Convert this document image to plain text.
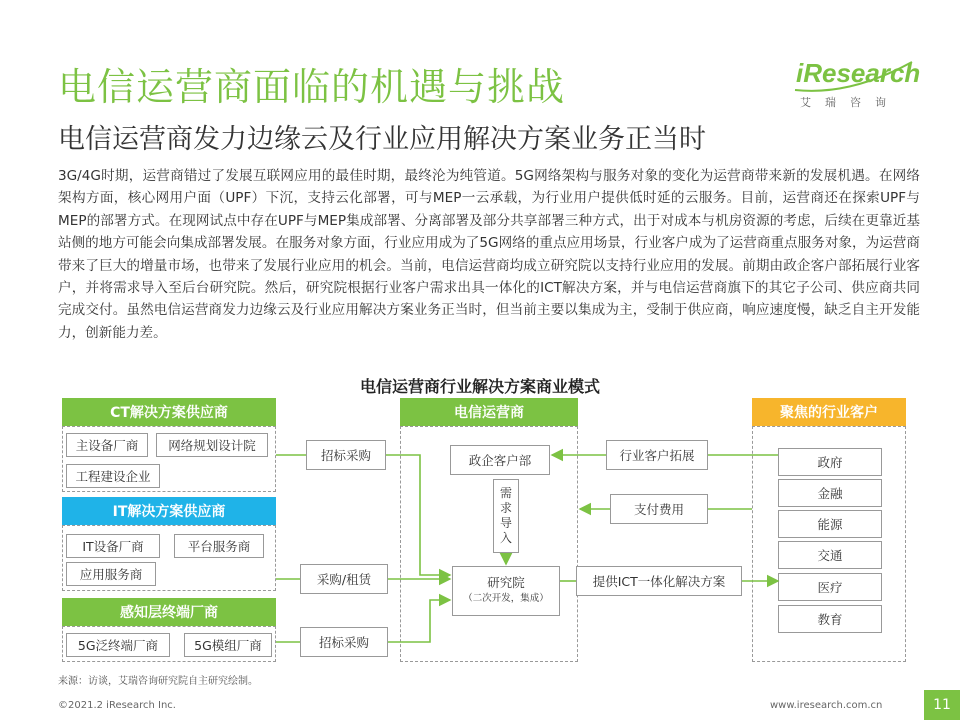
电信运营商面临的机遇与挑战
电信运营商发力边缘云及行业应用解决方案业务正当时
iResearch
艾瑞咨询
3G/4G时期，运营商错过了发展互联网应用的最佳时期，最终沦为纯管道。5G网络架构与服务对象的变化为运营商带来新的发展机遇。在网络架构方面，核心网用户面（UPF）下沉，支持云化部署，可与MEP一云承载，为行业用户提供低时延的云服务。目前，运营商还在探索UPF与MEP的部署方式。在现网试点中存在UPF与MEP集成部署、分离部署及部分共享部署三种方式，出于对成本与机房资源的考虑，后续在更靠近基站侧的地方可能会向集成部署发展。在服务对象方面，行业应用成为了5G网络的重点应用场景，行业客户成为了运营商重点服务对象，为运营商带来了巨大的增量市场，也带来了发展行业应用的机会。当前，电信运营商均成立研究院以支持行业应用的发展。前期由政企客户部拓展行业客户，并将需求导入至后台研究院。然后，研究院根据行业客户需求出具一体化的ICT解决方案，并与电信运营商旗下的其它子公司、供应商共同完成交付。虽然电信运营商发力边缘云及行业应用解决方案业务正当时，但当前主要以集成为主，受制于供应商，响应速度慢，缺乏自主开发能力，创新能力差。
电信运营商行业解决方案商业模式
CT解决方案供应商
主设备厂商	网络规划设计院
工程建设企业
IT解决方案供应商
IT设备厂商	平台服务商
应用服务商
感知层终端厂商
5G泛终端厂商	5G模组厂商
招标采购
采购/租赁
招标采购
电信运营商
政企客户部
需
求
导
入
研究院
（二次开发，集成）
行业客户拓展
支付费用
提供ICT一体化解决方案
聚焦的行业客户
政府
金融
能源
交通
医疗
教育
来源：访谈，艾瑞咨询研究院自主研究绘制。
©2021.2 iResearch Inc.	www.iresearch.com.cn	11
